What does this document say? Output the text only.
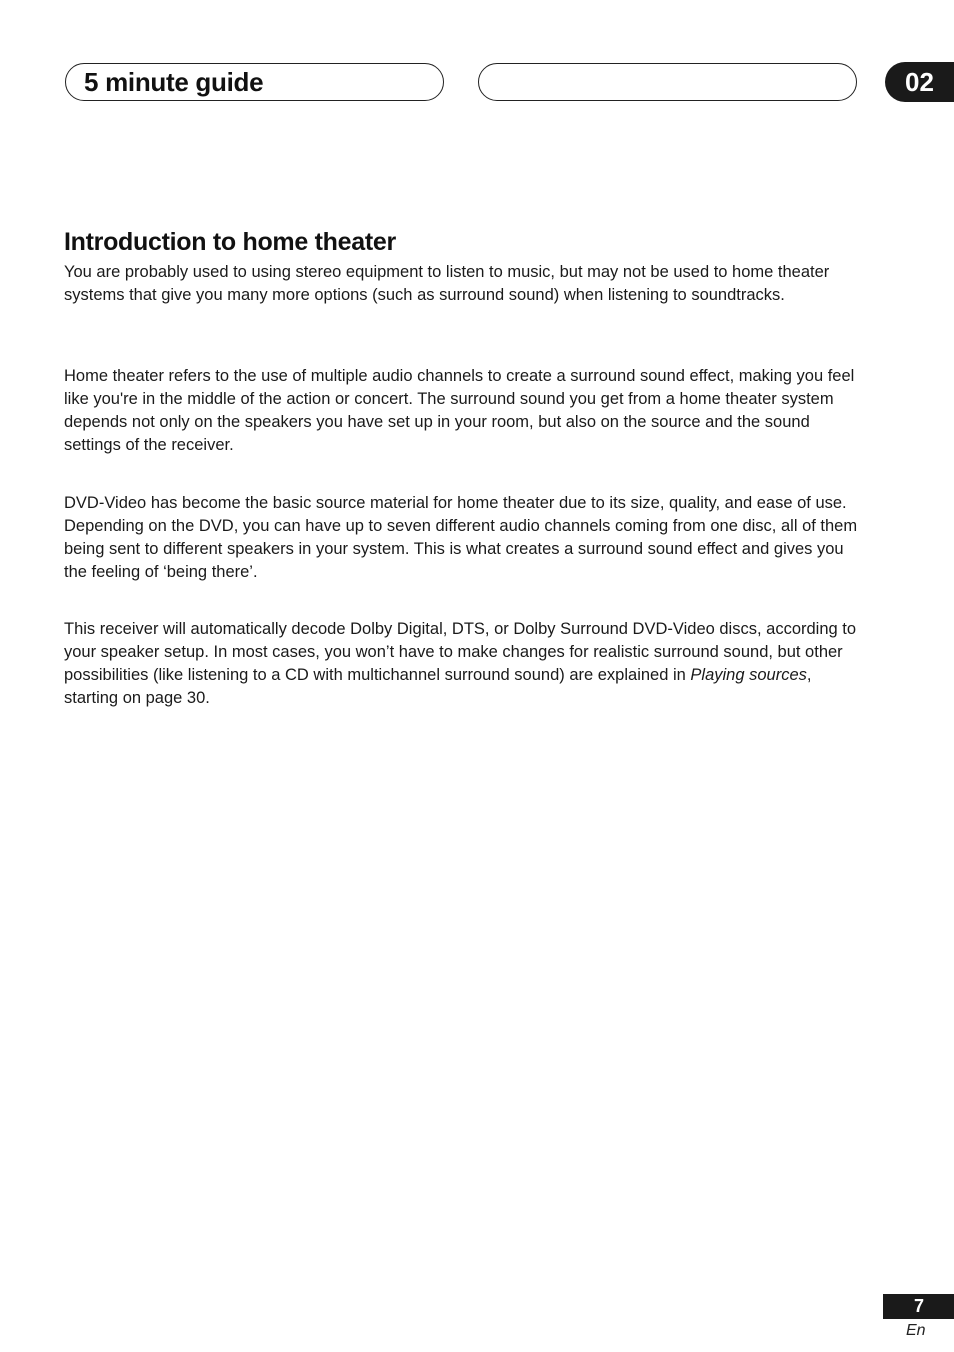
5 minute guide	02
Introduction to home theater

You are probably used to using stereo equipment to listen to music, but may not be used to home theater systems that give you many more options (such as surround sound) when listening to soundtracks.

Home theater refers to the use of multiple audio channels to create a surround sound effect, making you feel like you're in the middle of the action or concert. The surround sound you get from a home theater system depends not only on the speakers you have set up in your room, but also on the source and the sound settings of the receiver.

DVD-Video has become the basic source material for home theater due to its size, quality, and ease of use. Depending on the DVD, you can have up to seven different audio channels coming from one disc, all of them being sent to different speakers in your system. This is what creates a surround sound effect and gives you the feeling of ‘being there’.

This receiver will automatically decode Dolby Digital, DTS, or Dolby Surround DVD-Video discs, according to your speaker setup. In most cases, you won’t have to make changes for realistic surround sound, but other possibilities (like listening to a CD with multichannel surround sound) are explained in Playing sources, starting on page 30.

7
En
